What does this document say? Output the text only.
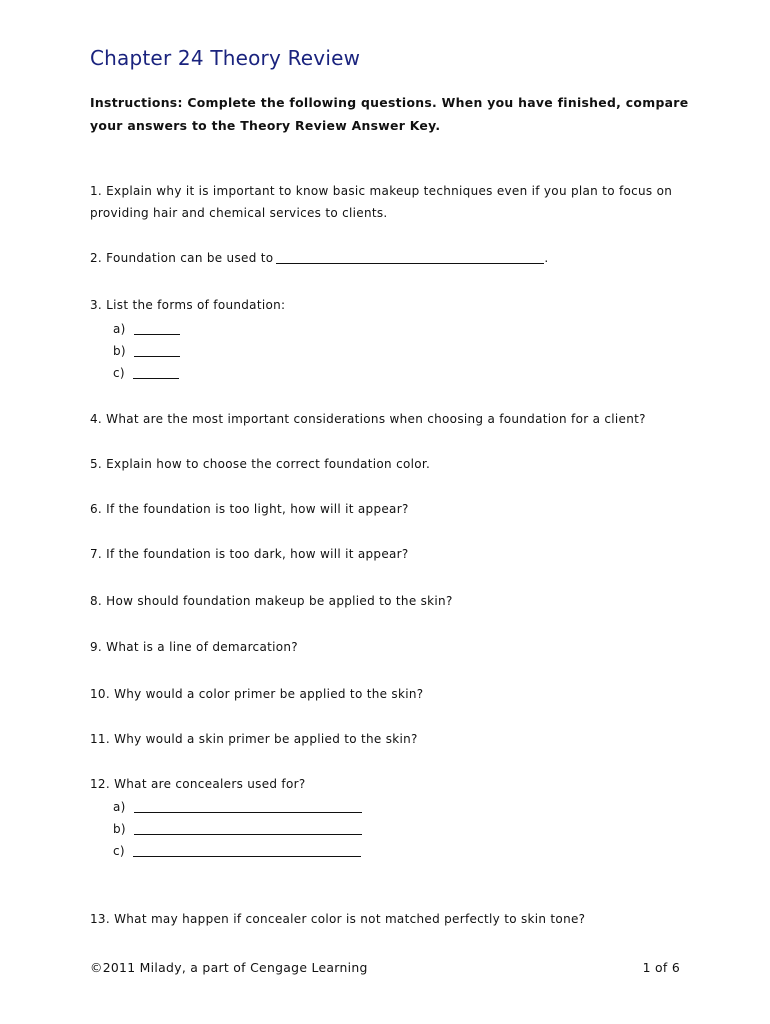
Chapter 24 Theory Review
Instructions: Complete the following questions. When you have finished, compare your answers to the Theory Review Answer Key.
1. Explain why it is important to know basic makeup techniques even if you plan to focus on providing hair and chemical services to clients.
2. Foundation can be used to	.
3. List the forms of foundation:
a)
b)
c)
4. What are the most important considerations when choosing a foundation for a client?
5. Explain how to choose the correct foundation color.
6. If the foundation is too light, how will it appear?
7. If the foundation is too dark, how will it appear?
8. How should foundation makeup be applied to the skin?
9. What is a line of demarcation?
10. Why would a color primer be applied to the skin?
11. Why would a skin primer be applied to the skin?
12. What are concealers used for?
a)
b)
c)
13. What may happen if concealer color is not matched perfectly to skin tone?
©2011 Milady, a part of Cengage Learning	1 of 6
